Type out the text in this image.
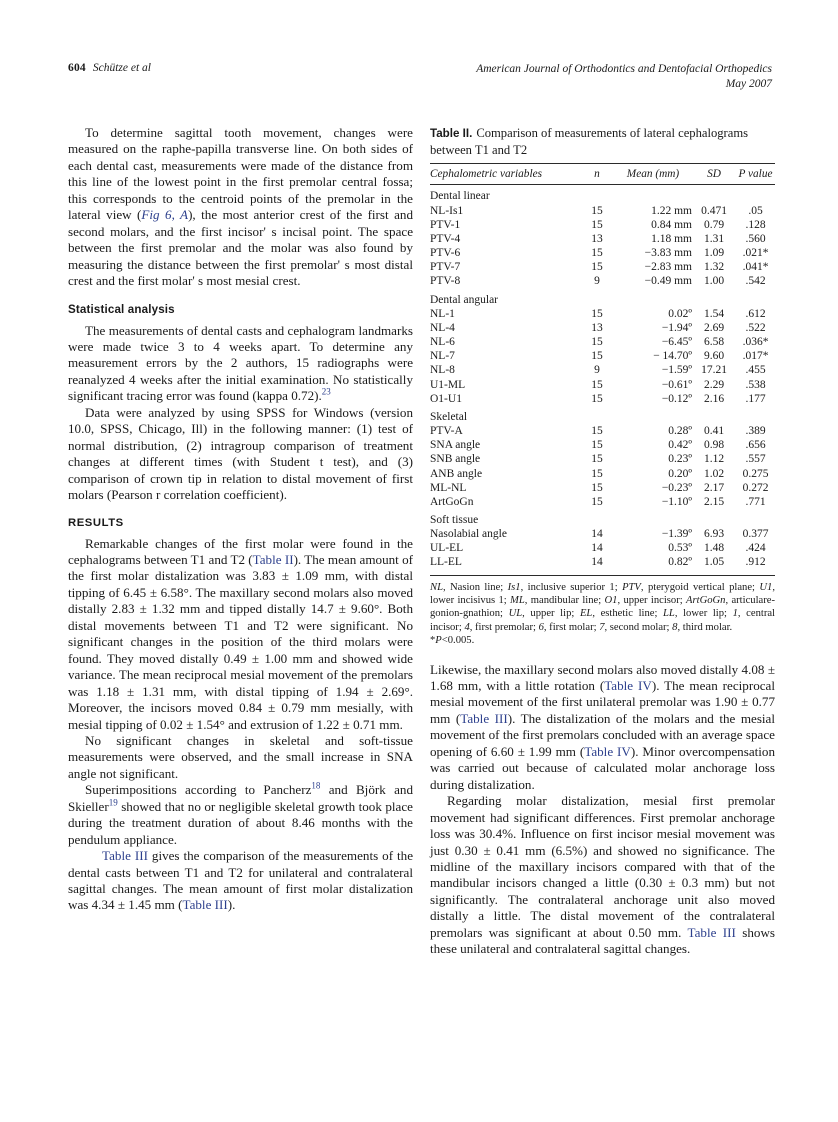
604 Schütze et al	American Journal of Orthodontics and Dentofacial Orthopedics
May 2007

To determine sagittal tooth movement, changes were measured on the raphe-papilla transverse line. On both sides of each dental cast, measurements were made of the distance from this line of the lowest point in the first premolar central fossa; this corresponds to the centroid points of the premolar in the lateral view (Fig 6, A), the most anterior crest of the first and second molars, and the first incisor' s incisal point. The space between the first premolar and the molar was also found by measuring the distance between the first premolar' s most distal crest and the first molar' s most mesial crest.

Statistical analysis

The measurements of dental casts and cephalogram landmarks were made twice 3 to 4 weeks apart. To determine any measurement errors by the 2 authors, 15 radiographs were reanalyzed 4 weeks after the initial examination. No statistically significant tracing error was found (kappa 0.72).$^{23}$

Data were analyzed by using SPSS for Windows (version 10.0, SPSS, Chicago, Ill) in the following manner: (1) test of normal distribution, (2) intragroup comparison of treatment changes at different times (with Student t test), and (3) comparison of crown tip in relation to distal movement of first molars (Pearson r correlation coefficient).

RESULTS

Remarkable changes of the first molar were found in the cephalograms between T1 and T2 (Table II). The mean amount of the first molar distalization was 3.83 ± 1.09 mm, with distal tipping of 6.45 ± 6.58°. The maxillary second molars also moved distally 2.83 ± 1.32 mm and tipped distally 14.7 ± 9.60°. Both distal movements between T1 and T2 were significant. No significant changes in the position of the third molars were found. They moved distally 0.49 ± 1.00 mm and showed wide variance. The mean reciprocal mesial movement of the premolars was 1.18 ± 1.31 mm, with distal tipping of 1.94 ± 2.69°. Moreover, the incisors moved 0.84 ± 0.79 mm mesially, with mesial tipping of 0.02 ± 1.54° and extrusion of 1.22 ± 0.71 mm.

No significant changes in skeletal and soft-tissue measurements were observed, and the small increase in SNA angle not significant.

Superimpositions according to Pancherz$^{18}$ and Björk and Skieller$^{19}$ showed that no or negligible skeletal growth took place during the treatment duration of about 8.46 months with the pendulum appliance.

Table III gives the comparison of the measurements of the dental casts between T1 and T2 for unilateral and contralateral sagittal changes. The mean amount of first molar distalization was 4.34 ± 1.45 mm (Table III).

Table II. Comparison of measurements of lateral cephalograms between T1 and T2
Cephalometric variables	n	Mean (mm)	SD	P value
Dental linear				
NL-Is1	15	1.22 mm	0.471	.05
PTV-1	15	0.84 mm	0.79	.128
PTV-4	13	1.18 mm	1.31	.560
PTV-6	15	−3.83 mm	1.09	.021*
PTV-7	15	−2.83 mm	1.32	.041*
PTV-8	9	−0.49 mm	1.00	.542
Dental angular				
NL-1	15	0.02º	1.54	.612
NL-4	13	−1.94º	2.69	.522
NL-6	15	−6.45º	6.58	.036*
NL-7	15	− 14.70º	9.60	.017*
NL-8	9	−1.59º	17.21	.455
U1-ML	15	−0.61º	2.29	.538
O1-U1	15	−0.12º	2.16	.177
Skeletal				
PTV-A	15	0.28º	0.41	.389
SNA angle	15	0.42º	0.98	.656
SNB angle	15	0.23º	1.12	.557
ANB angle	15	0.20º	1.02	0.275
ML-NL	15	−0.23º	2.17	0.272
ArtGoGn	15	−1.10º	2.15	.771
Soft tissue				
Nasolabial angle	14	−1.39º	6.93	0.377
UL-EL	14	0.53º	1.48	.424
LL-EL	14	0.82º	1.05	.912
NL, Nasion line; Is1, inclusive superior 1; PTV, pterygoid vertical plane; U1, lower incisivus 1; ML, mandibular line; O1, upper incisor; ArtGoGn, articulare-gonion-gnathion; UL, upper lip; EL, esthetic line; LL, lower lip; 1, central incisor; 4, first premolar; 6, first molar; 7, second molar; 8, third molar.
*P<0.005.

Likewise, the maxillary second molars also moved distally 4.08 ± 1.68 mm, with a little rotation (Table IV). The mean reciprocal mesial movement of the first unilateral premolar was 1.90 ± 0.77 mm (Table III). The distalization of the molars and the mesial movement of the first premolars concluded with an average space opening of 6.60 ± 1.99 mm (Table IV). Minor overcompensation was carried out because of calculated molar anchorage loss during distalization.

Regarding molar distalization, mesial first premolar movement had significant differences. First premolar anchorage loss was 30.4%. Influence on first incisor mesial movement was just 0.30 ± 0.41 mm (6.5%) and showed no significance. The midline of the maxillary incisors compared with that of the mandibular incisors changed a little (0.30 ± 0.3 mm) but not significantly. The contralateral anchorage unit also moved distally a little. The distal movement of the contralateral premolars was significant at about 0.50 mm. Table III shows these unilateral and contralateral sagittal changes.
